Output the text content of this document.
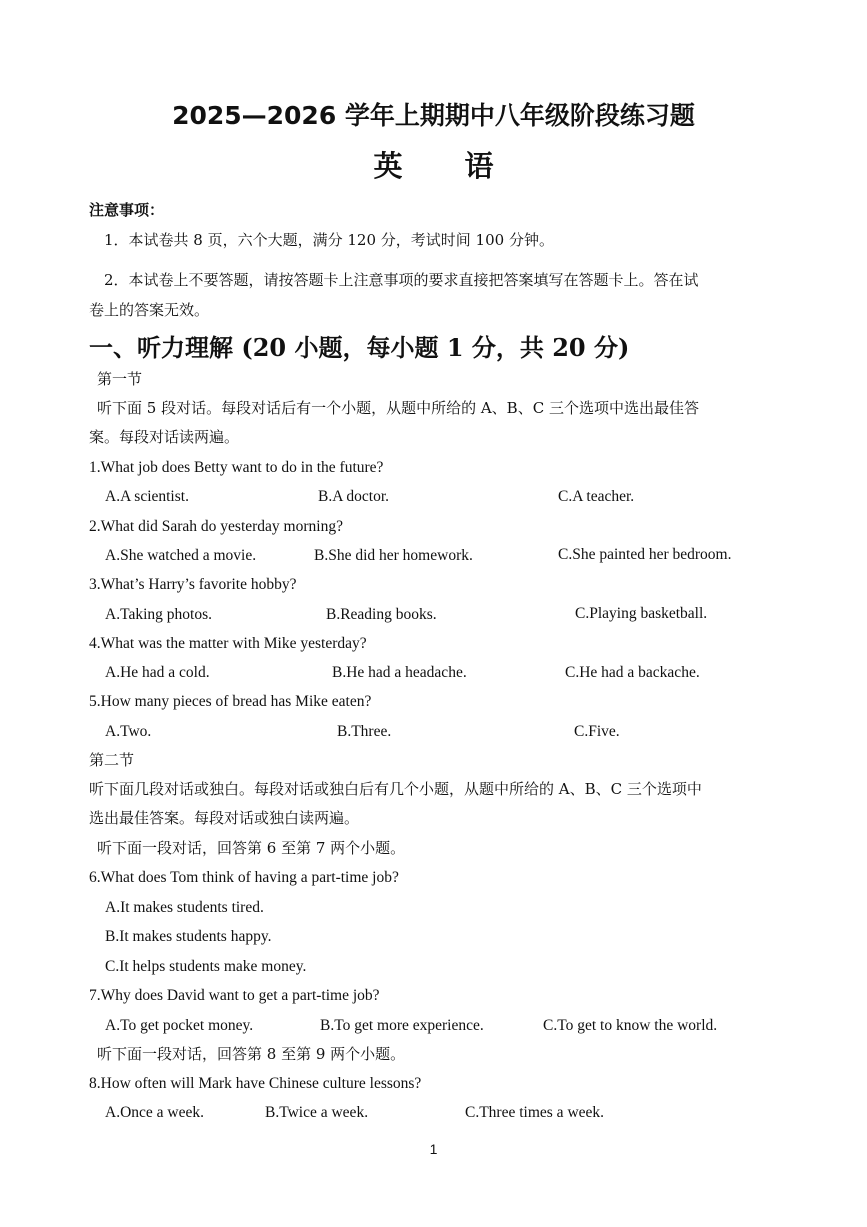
2025—2026 学年上期期中八年级阶段练习题
英语
注意事项：
1．本试卷共 8 页，六个大题，满分 120 分，考试时间 100 分钟。
2．本试卷上不要答题，请按答题卡上注意事项的要求直接把答案填写在答题卡上。答在试
卷上的答案无效。
一、听力理解 (20 小题，每小题 1 分，共 20 分)
第一节
听下面 5 段对话。每段对话后有一个小题，从题中所给的 A、B、C 三个选项中选出最佳答
案。每段对话读两遍。
1.What job does Betty want to do in the future?
A.A scientist.	B.A doctor.	C.A teacher.
2.What did Sarah do yesterday morning?
A.She watched a movie.	B.She did her homework.	C.She painted her bedroom.
3.What’s Harry’s favorite hobby?
A.Taking photos.	B.Reading books.	C.Playing basketball.
4.What was the matter with Mike yesterday?
A.He had a cold.	B.He had a headache.	C.He had a backache.
5.How many pieces of bread has Mike eaten?
A.Two.	B.Three.	C.Five.
第二节
听下面几段对话或独白。每段对话或独白后有几个小题，从题中所给的 A、B、C 三个选项中
选出最佳答案。每段对话或独白读两遍。
听下面一段对话，回答第 6 至第 7 两个小题。
6.What does Tom think of having a part-time job?
A.It makes students tired.
B.It makes students happy.
C.It helps students make money.
7.Why does David want to get a part-time job?
A.To get pocket money.	B.To get more experience.	C.To get to know the world.
听下面一段对话，回答第 8 至第 9 两个小题。
8.How often will Mark have Chinese culture lessons?
A.Once a week.	B.Twice a week.	C.Three times a week.
1
